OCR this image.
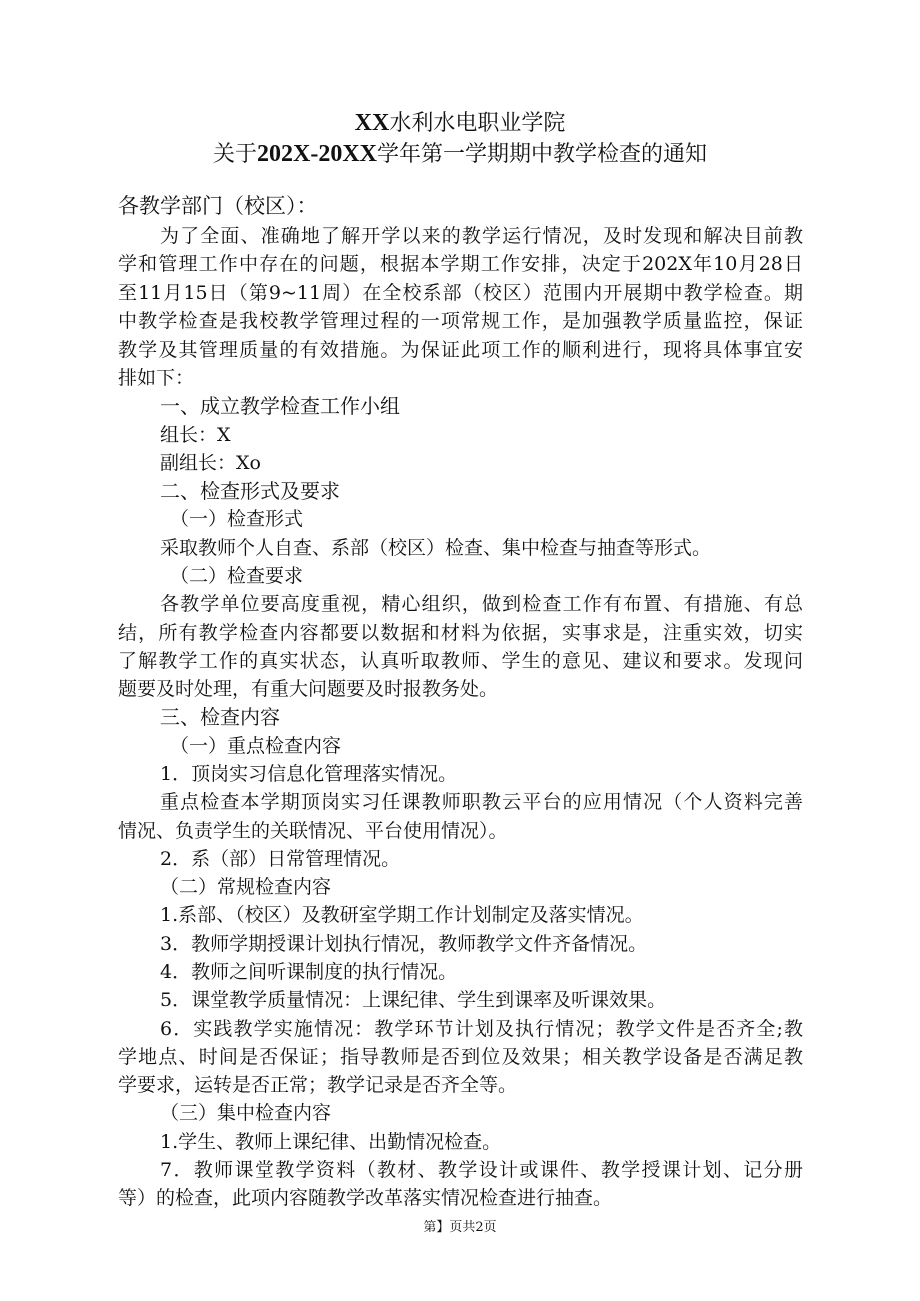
XX水利水电职业学院
关于202X-20XX学年第一学期期中教学检查的通知
各教学部门（校区）：
为了全面、准确地了解开学以来的教学运行情况，及时发现和解决目前教
学和管理工作中存在的问题，根据本学期工作安排，决定于202X年10月28日
至11月15日（第9~11周）在全校系部（校区）范围内开展期中教学检查。期
中教学检查是我校教学管理过程的一项常规工作，是加强教学质量监控，保证
教学及其管理质量的有效措施。为保证此项工作的顺利进行，现将具体事宜安
排如下：
一、成立教学检查工作小组
组长：X
副组长：Xo
二、检查形式及要求
（一）检查形式
采取教师个人自查、系部（校区）检查、集中检查与抽查等形式。
（二）检查要求
各教学单位要高度重视，精心组织，做到检查工作有布置、有措施、有总
结，所有教学检查内容都要以数据和材料为依据，实事求是，注重实效，切实
了解教学工作的真实状态，认真听取教师、学生的意见、建议和要求。发现问
题要及时处理，有重大问题要及时报教务处。
三、检查内容
（一）重点检查内容
1．顶岗实习信息化管理落实情况。
重点检查本学期顶岗实习任课教师职教云平台的应用情况（个人资料完善
情况、负责学生的关联情况、平台使用情况）。
2．系（部）日常管理情况。
（二）常规检查内容
1.系部、（校区）及教研室学期工作计划制定及落实情况。
3．教师学期授课计划执行情况，教师教学文件齐备情况。
4．教师之间听课制度的执行情况。
5．课堂教学质量情况：上课纪律、学生到课率及听课效果。
6．实践教学实施情况：教学环节计划及执行情况；教学文件是否齐全;教
学地点、时间是否保证；指导教师是否到位及效果；相关教学设备是否满足教
学要求，运转是否正常；教学记录是否齐全等。
（三）集中检查内容
1.学生、教师上课纪律、出勤情况检查。
7．教师课堂教学资料（教材、教学设计或课件、教学授课计划、记分册
等）的检查，此项内容随教学改革落实情况检查进行抽查。
第】页共2页
